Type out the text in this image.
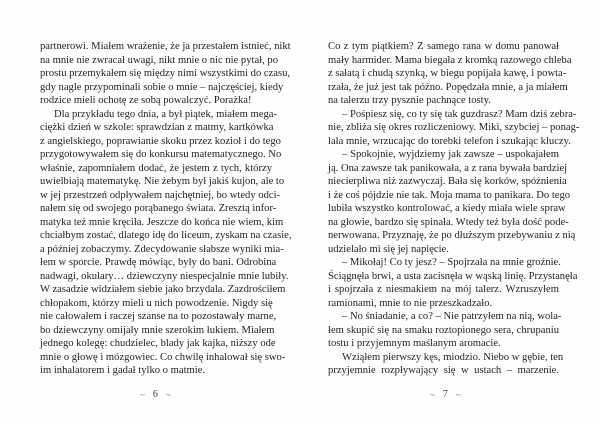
partnerowi. Miałem wrażenie, że ja przestałem istnieć, nikt
na mnie nie zwracał uwagi, nikt mnie o nic nie pytał, po
prostu przemykałem się między nimi wszystkimi do czasu,
gdy nagle przypominali sobie o mnie – najczęściej, kiedy
rodzice mieli ochotę ze sobą powalczyć. Porażka!
Dla przykładu tego dnia, a był piątek, miałem mega-
ciężki dzień w szkole: sprawdzian z matmy, kartkówka
z angielskiego, poprawianie skoku przez kozioł i do tego
przygotowywałem się do konkursu matematycznego. No
właśnie, zapomniałem dodać, że jestem z tych, którzy
uwielbiają matematykę. Nie żebym był jakiś kujon, ale to
w jej przestrzeń odpływałem najchętniej, bo wtedy odci-
nałem się od swojego porąbanego świata. Zresztą infor-
matyka też mnie kręciła. Jeszcze do końca nie wiem, kim
chciałbym zostać, dlatego idę do liceum, zyskam na czasie,
a później zobaczymy. Zdecydowanie słabsze wyniki mia-
łem w sporcie. Prawdę mówiąc, były do bani. Odrobina
nadwagi, okulary… dziewczyny niespecjalnie mnie lubiły.
W zasadzie widziałem siebie jako brzydala. Zazdrościłem
chłopakom, którzy mieli u nich powodzenie. Nigdy się
nie całowałem i raczej szanse na to pozostawały marne,
bo dziewczyny omijały mnie szerokim łukiem. Miałem
jednego kolegę: chudzielec, blady jak kajka, niższy ode
mnie o głowę i mózgowiec. Co chwilę inhalował się swo-
im inhalatorem i gadał tylko o matmie.
~ 6 ~
Co z tym piątkiem? Z samego rana w domu panował
mały harmider. Mama biegała z kromką razowego chleba
z sałatą i chudą szynką, w biegu popijała kawę, i powta-
rzała, że już jest tak późno. Popędzała mnie, a ja miałem
na talerzu trzy pysznie pachnące tosty.
– Pośpiesz się, co ty się tak guzdrasz? Mam dziś zebra-
nie, zbliża się okres rozliczeniowy. Miki, szybciej – ponag-
lała mnie, wrzucając do torebki telefon i szukając kluczy.
– Spokojnie, wyjdziemy jak zawsze – uspokajałem
ją. Ona zawsze tak panikowała, a z rana bywała bardziej
niecierpliwa niż zazwyczaj. Bała się korków, spóźnienia
i że coś pójdzie nie tak. Moja mama to panikara. Do tego
lubiła wszystko kontrolować, a kiedy miała wiele spraw
na głowie, bardzo się spinała. Wtedy też była dość pode-
nerwowana. Przyznaję, że po dłuższym przebywaniu z nią
udzielało mi się jej napięcie.
– Mikołaj! Co ty jesz? – Spojrzała na mnie groźnie.
Ściągnęła brwi, a usta zacisnęła w wąską linię. Przystanęła
i spojrzała z niesmakiem na mój talerz. Wzruszyłem
ramionami, mnie to nie przeszkadzało.
– No śniadanie, a co? – Nie patrzyłem na nią, wola-
łem skupić się na smaku roztopionego sera, chrupaniu
tostu i przyjemnym maślanym aromacie.
Wziąłem pierwszy kęs, miodzio. Niebo w gębie, ten
przyjemnie rozpływający się w ustach – marzenie.
~ 7 ~
